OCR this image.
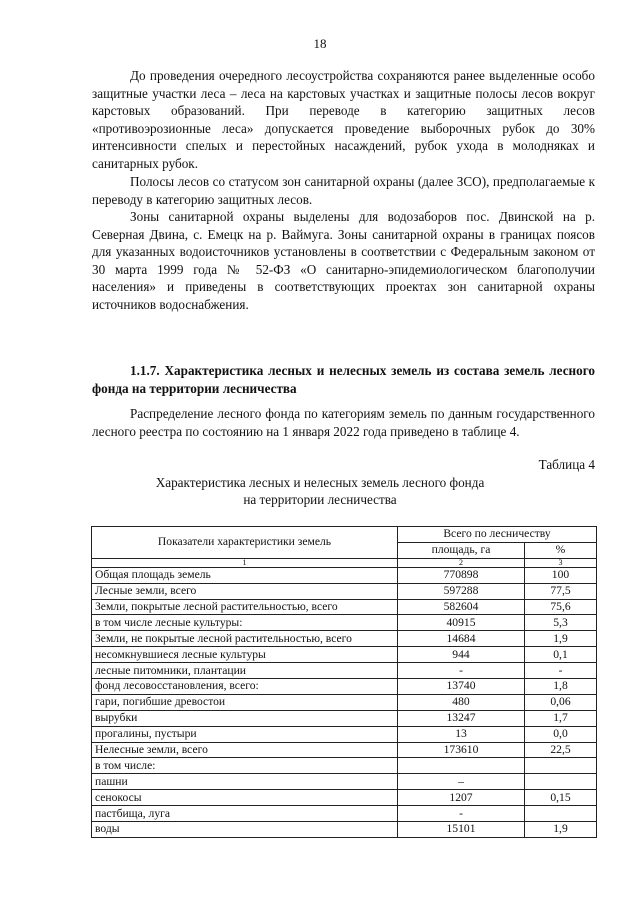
18

До проведения очередного лесоустройства сохраняются ранее выделенные особо защитные участки леса – леса на карстовых участках и защитные полосы лесов вокруг карстовых образований. При переводе в категорию защитных лесов «противоэрозионные леса» допускается проведение выборочных рубок до 30% интенсивности спелых и перестойных насаждений, рубок ухода в молодняках и санитарных рубок.

Полосы лесов со статусом зон санитарной охраны (далее ЗСО), предполагаемые к переводу в категорию защитных лесов.

Зоны санитарной охраны выделены для водозаборов пос. Двинской на р. Северная Двина, с. Емецк на р. Ваймуга. Зоны санитарной охраны в границах поясов для указанных водоисточников установлены в соответствии с Федеральным законом от 30 марта 1999 года № 52-ФЗ «О санитарно-эпидемиологическом благополучии населения» и приведены в соответствующих проектах зон санитарной охраны источников водоснабжения.

1.1.7. Характеристика лесных и нелесных земель из состава земель лесного фонда на территории лесничества

Распределение лесного фонда по категориям земель по данным государственного лесного реестра по состоянию на 1 января 2022 года приведено в таблице 4.

Таблица 4
Характеристика лесных и нелесных земель лесного фонда
на территории лесничества
Показатели характеристики земель	Всего по лесничеству	
	площадь, га	%
1	2	3
Общая площадь земель	770898	100
Лесные земли, всего	597288	77,5
Земли, покрытые лесной растительностью, всего	582604	75,6
в том числе лесные культуры:	40915	5,3
Земли, не покрытые лесной растительностью, всего	14684	1,9
несомкнувшиеся лесные культуры	944	0,1
лесные питомники, плантации	-	-
фонд лесовосстановления, всего:	13740	1,8
гари, погибшие древостои	480	0,06
вырубки	13247	1,7
прогалины, пустыри	13	0,0
Нелесные земли, всего	173610	22,5
в том числе:		
пашни	–	
сенокосы	1207	0,15
пастбища, луга	-	
воды	15101	1,9
